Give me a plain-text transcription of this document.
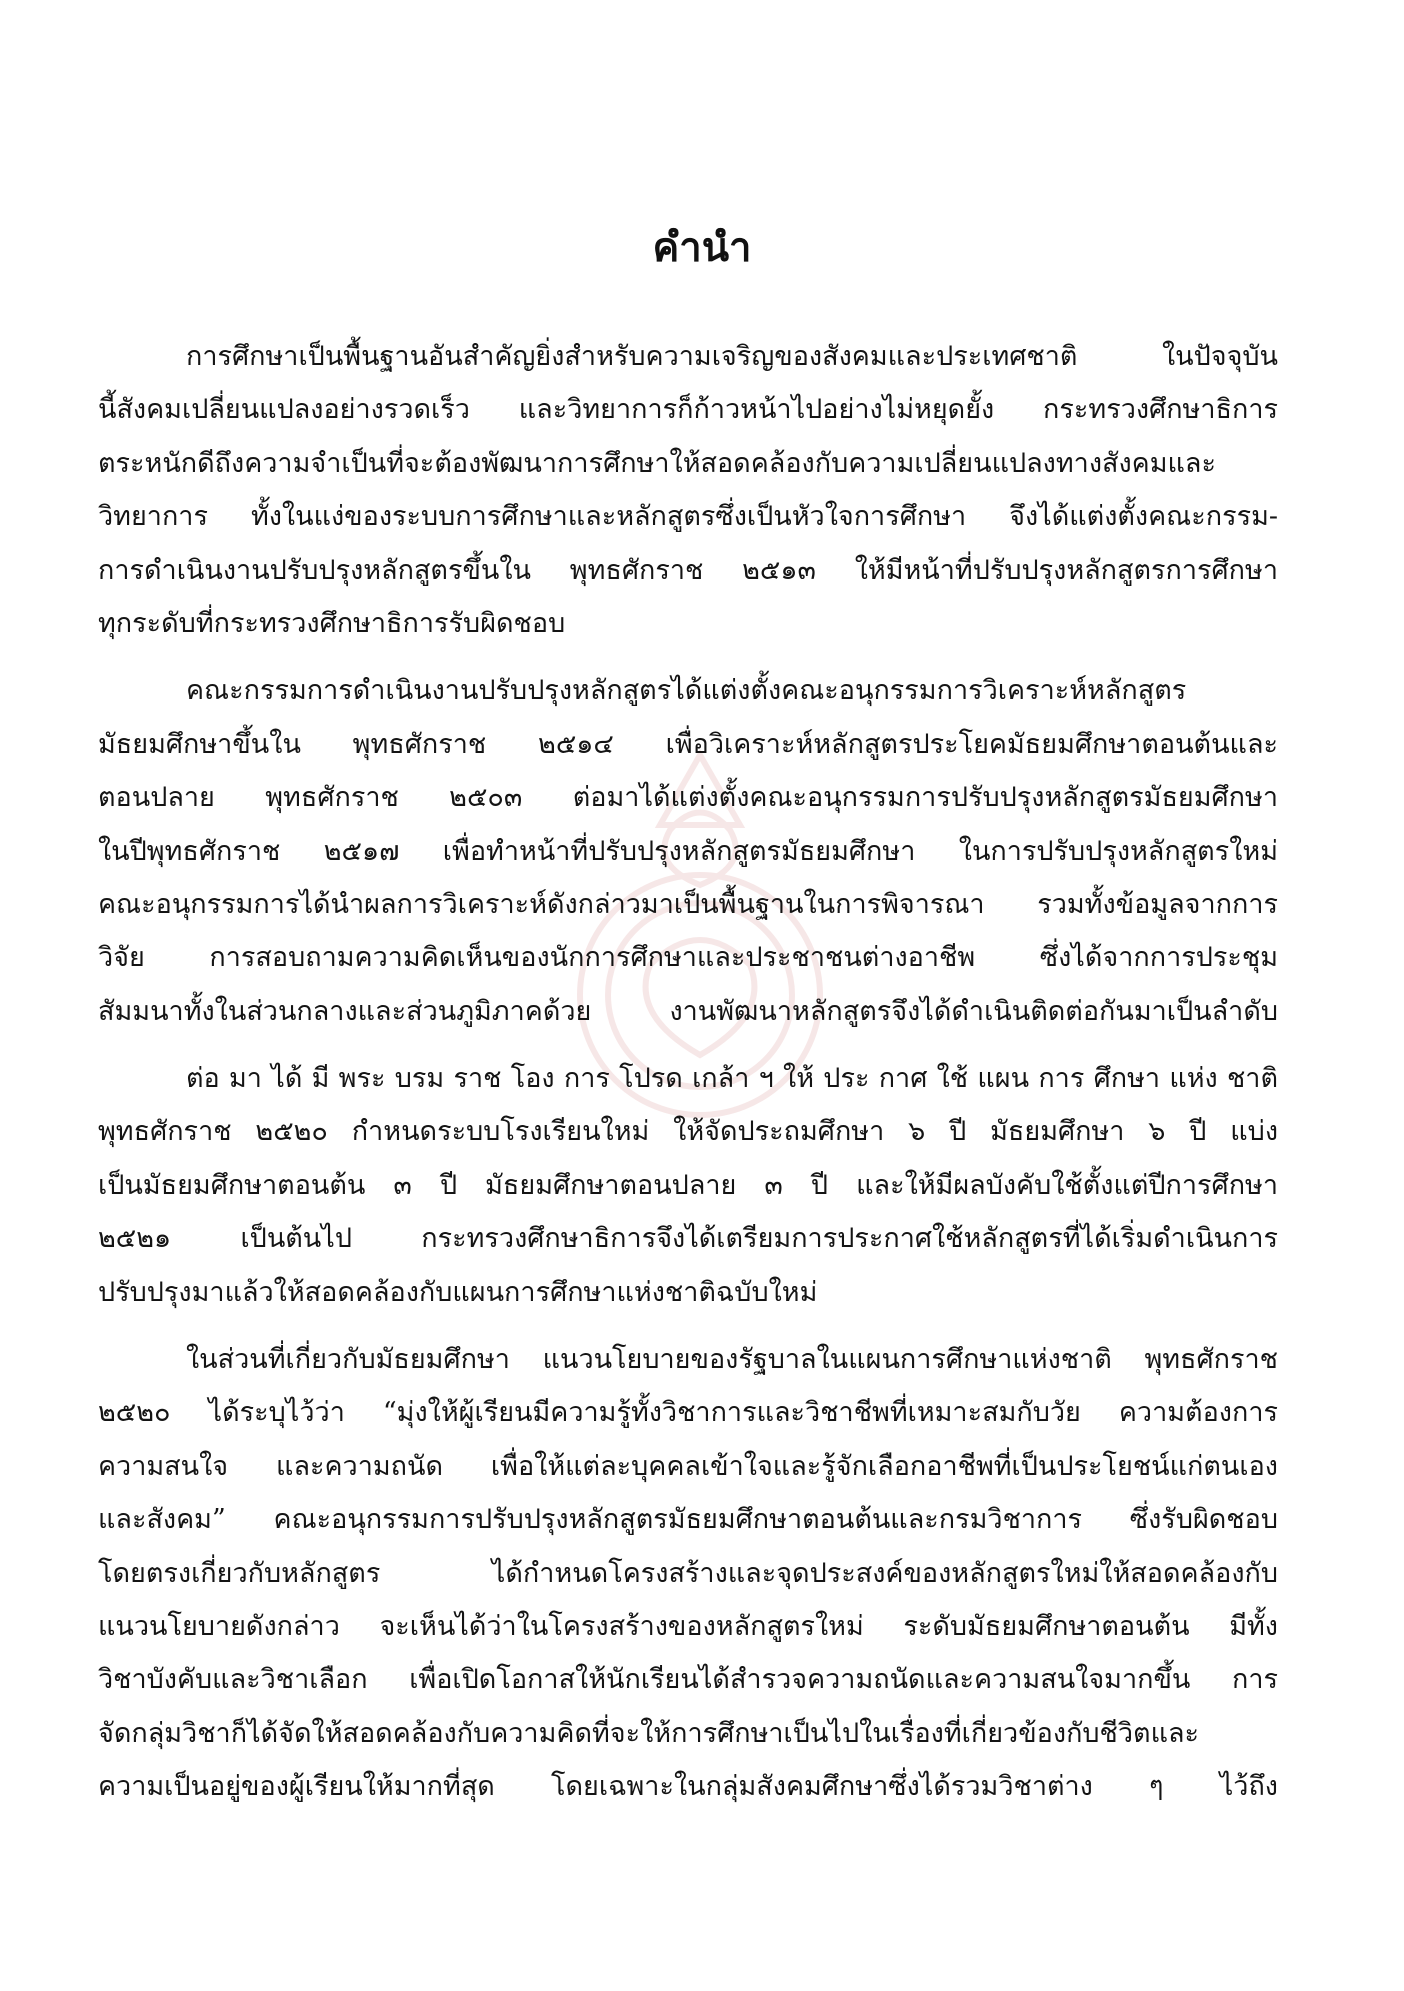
คำนำ
การศึกษาเป็นพื้นฐานอันสำคัญยิ่งสำหรับความเจริญของสังคมและประเทศชาติ ในปัจจุบัน
นี้สังคมเปลี่ยนแปลงอย่างรวดเร็ว และวิทยาการก็ก้าวหน้าไปอย่างไม่หยุดยั้ง กระทรวงศึกษาธิการ
ตระหนักดีถึงความจำเป็นที่จะต้องพัฒนาการศึกษาให้สอดคล้องกับความเปลี่ยนแปลงทางสังคมและ
วิทยาการ ทั้งในแง่ของระบบการศึกษาและหลักสูตรซึ่งเป็นหัวใจการศึกษา จึงได้แต่งตั้งคณะกรรม-
การดำเนินงานปรับปรุงหลักสูตรขึ้นใน พุทธศักราช ๒๕๑๓ ให้มีหน้าที่ปรับปรุงหลักสูตรการศึกษา
ทุกระดับที่กระทรวงศึกษาธิการรับผิดชอบ
คณะกรรมการดำเนินงานปรับปรุงหลักสูตรได้แต่งตั้งคณะอนุกรรมการวิเคราะห์หลักสูตร
มัธยมศึกษาขึ้นใน พุทธศักราช ๒๕๑๔ เพื่อวิเคราะห์หลักสูตรประโยคมัธยมศึกษาตอนต้นและ
ตอนปลาย พุทธศักราช ๒๕๐๓ ต่อมาได้แต่งตั้งคณะอนุกรรมการปรับปรุงหลักสูตรมัธยมศึกษา
ในปีพุทธศักราช ๒๕๑๗ เพื่อทำหน้าที่ปรับปรุงหลักสูตรมัธยมศึกษา ในการปรับปรุงหลักสูตรใหม่
คณะอนุกรรมการได้นำผลการวิเคราะห์ดังกล่าวมาเป็นพื้นฐานในการพิจารณา รวมทั้งข้อมูลจากการ
วิจัย การสอบถามความคิดเห็นของนักการศึกษาและประชาชนต่างอาชีพ ซึ่งได้จากการประชุม
สัมมนาทั้งในส่วนกลางและส่วนภูมิภาคด้วย งานพัฒนาหลักสูตรจึงได้ดำเนินติดต่อกันมาเป็นลำดับ
ต่อ มา ได้ มี พระ บรม ราช โอง การ โปรด เกล้า ฯ ให้ ประ กาศ ใช้ แผน การ ศึกษา แห่ง ชาติ
พุทธศักราช ๒๕๒๐ กำหนดระบบโรงเรียนใหม่ ให้จัดประถมศึกษา ๖ ปี มัธยมศึกษา ๖ ปี แบ่ง
เป็นมัธยมศึกษาตอนต้น ๓ ปี มัธยมศึกษาตอนปลาย ๓ ปี และให้มีผลบังคับใช้ตั้งแต่ปีการศึกษา
๒๕๒๑ เป็นต้นไป กระทรวงศึกษาธิการจึงได้เตรียมการประกาศใช้หลักสูตรที่ได้เริ่มดำเนินการ
ปรับปรุงมาแล้วให้สอดคล้องกับแผนการศึกษาแห่งชาติฉบับใหม่
ในส่วนที่เกี่ยวกับมัธยมศึกษา แนวนโยบายของรัฐบาลในแผนการศึกษาแห่งชาติ พุทธศักราช
๒๕๒๐ ได้ระบุไว้ว่า “มุ่งให้ผู้เรียนมีความรู้ทั้งวิชาการและวิชาชีพที่เหมาะสมกับวัย ความต้องการ
ความสนใจ และความถนัด เพื่อให้แต่ละบุคคลเข้าใจและรู้จักเลือกอาชีพที่เป็นประโยชน์แก่ตนเอง
และสังคม” คณะอนุกรรมการปรับปรุงหลักสูตรมัธยมศึกษาตอนต้นและกรมวิชาการ ซึ่งรับผิดชอบ
โดยตรงเกี่ยวกับหลักสูตร ได้กำหนดโครงสร้างและจุดประสงค์ของหลักสูตรใหม่ให้สอดคล้องกับ
แนวนโยบายดังกล่าว จะเห็นได้ว่าในโครงสร้างของหลักสูตรใหม่ ระดับมัธยมศึกษาตอนต้น มีทั้ง
วิชาบังคับและวิชาเลือก เพื่อเปิดโอกาสให้นักเรียนได้สำรวจความถนัดและความสนใจมากขึ้น การ
จัดกลุ่มวิชาก็ได้จัดให้สอดคล้องกับความคิดที่จะให้การศึกษาเป็นไปในเรื่องที่เกี่ยวข้องกับชีวิตและ
ความเป็นอยู่ของผู้เรียนให้มากที่สุด โดยเฉพาะในกลุ่มสังคมศึกษาซึ่งได้รวมวิชาต่าง ๆ ไว้ถึง
